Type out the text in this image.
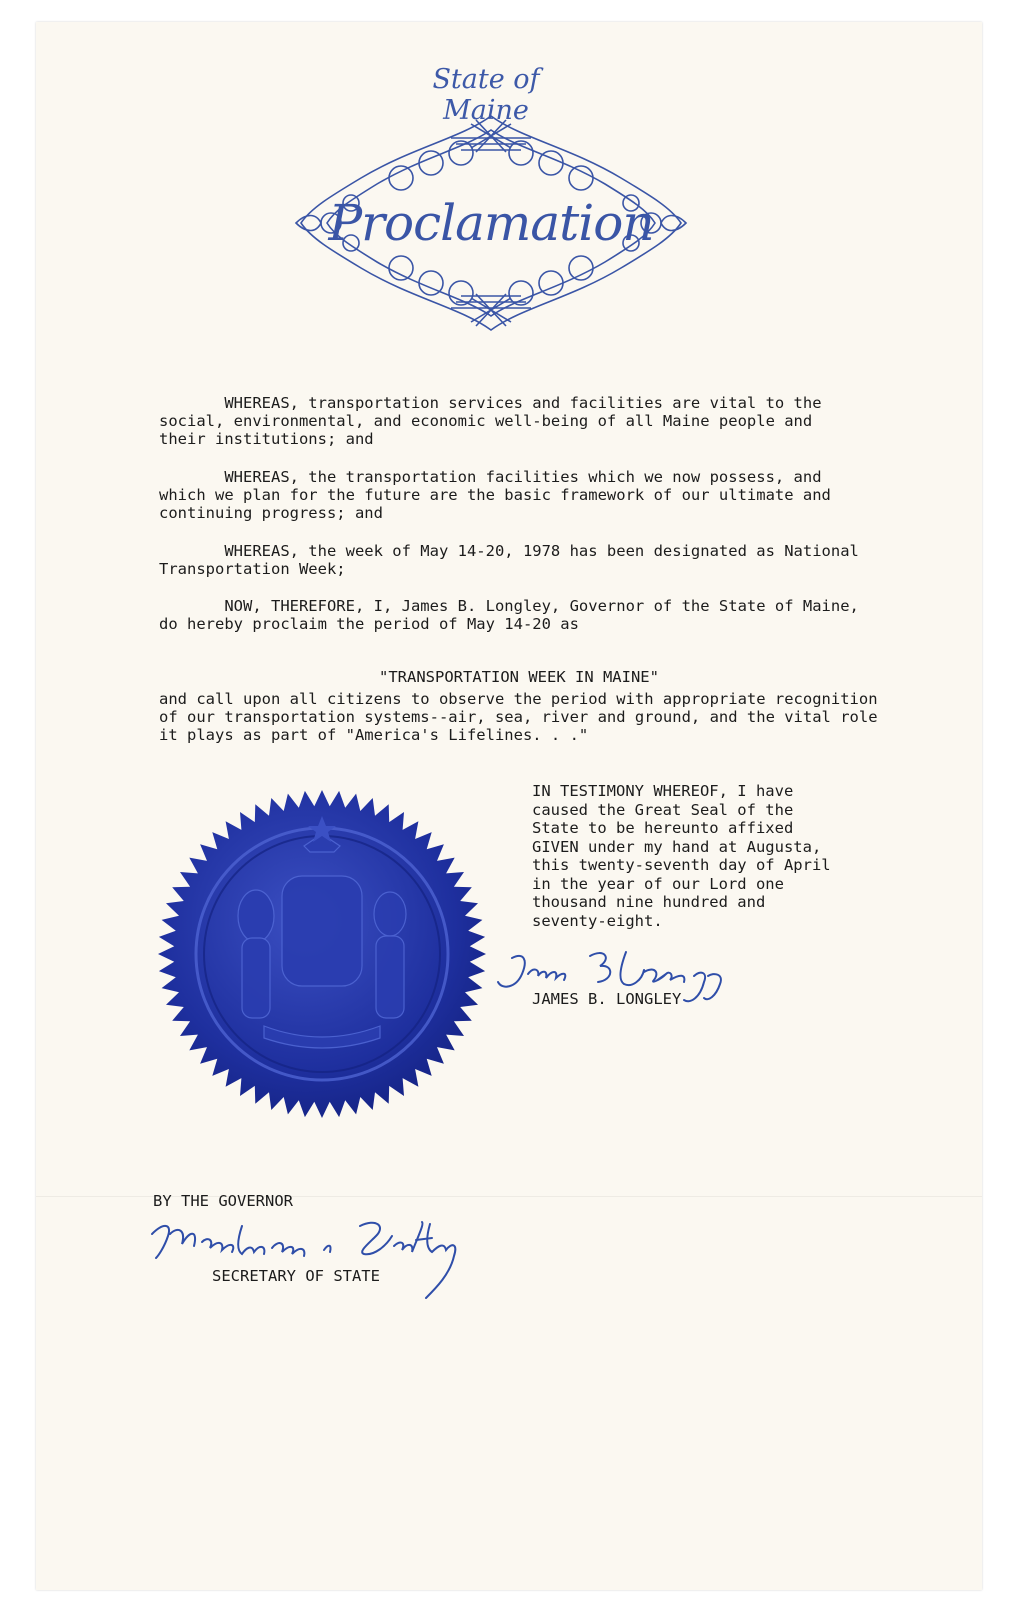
State of Maine
Proclamation
WHEREAS, transportation services and facilities are vital to the
social, environmental, and economic well-being of all Maine people and
their institutions; and
WHEREAS, the transportation facilities which we now possess, and
which we plan for the future are the basic framework of our ultimate and
continuing progress; and
WHEREAS, the week of May 14-20, 1978 has been designated as National
Transportation Week;
NOW, THEREFORE, I, James B. Longley, Governor of the State of Maine,
do hereby proclaim the period of May 14-20 as
"TRANSPORTATION WEEK IN MAINE"
and call upon all citizens to observe the period with appropriate recognition
of our transportation systems--air, sea, river and ground, and the vital role
it plays as part of "America's Lifelines. . ."
IN TESTIMONY WHEREOF, I have
caused the Great Seal of the
State to be hereunto affixed
GIVEN under my hand at Augusta,
this twenty-seventh day of April
in the year of our Lord one
thousand nine hundred and
seventy-eight.
JAMES B. LONGLEY
BY THE GOVERNOR
SECRETARY OF STATE
